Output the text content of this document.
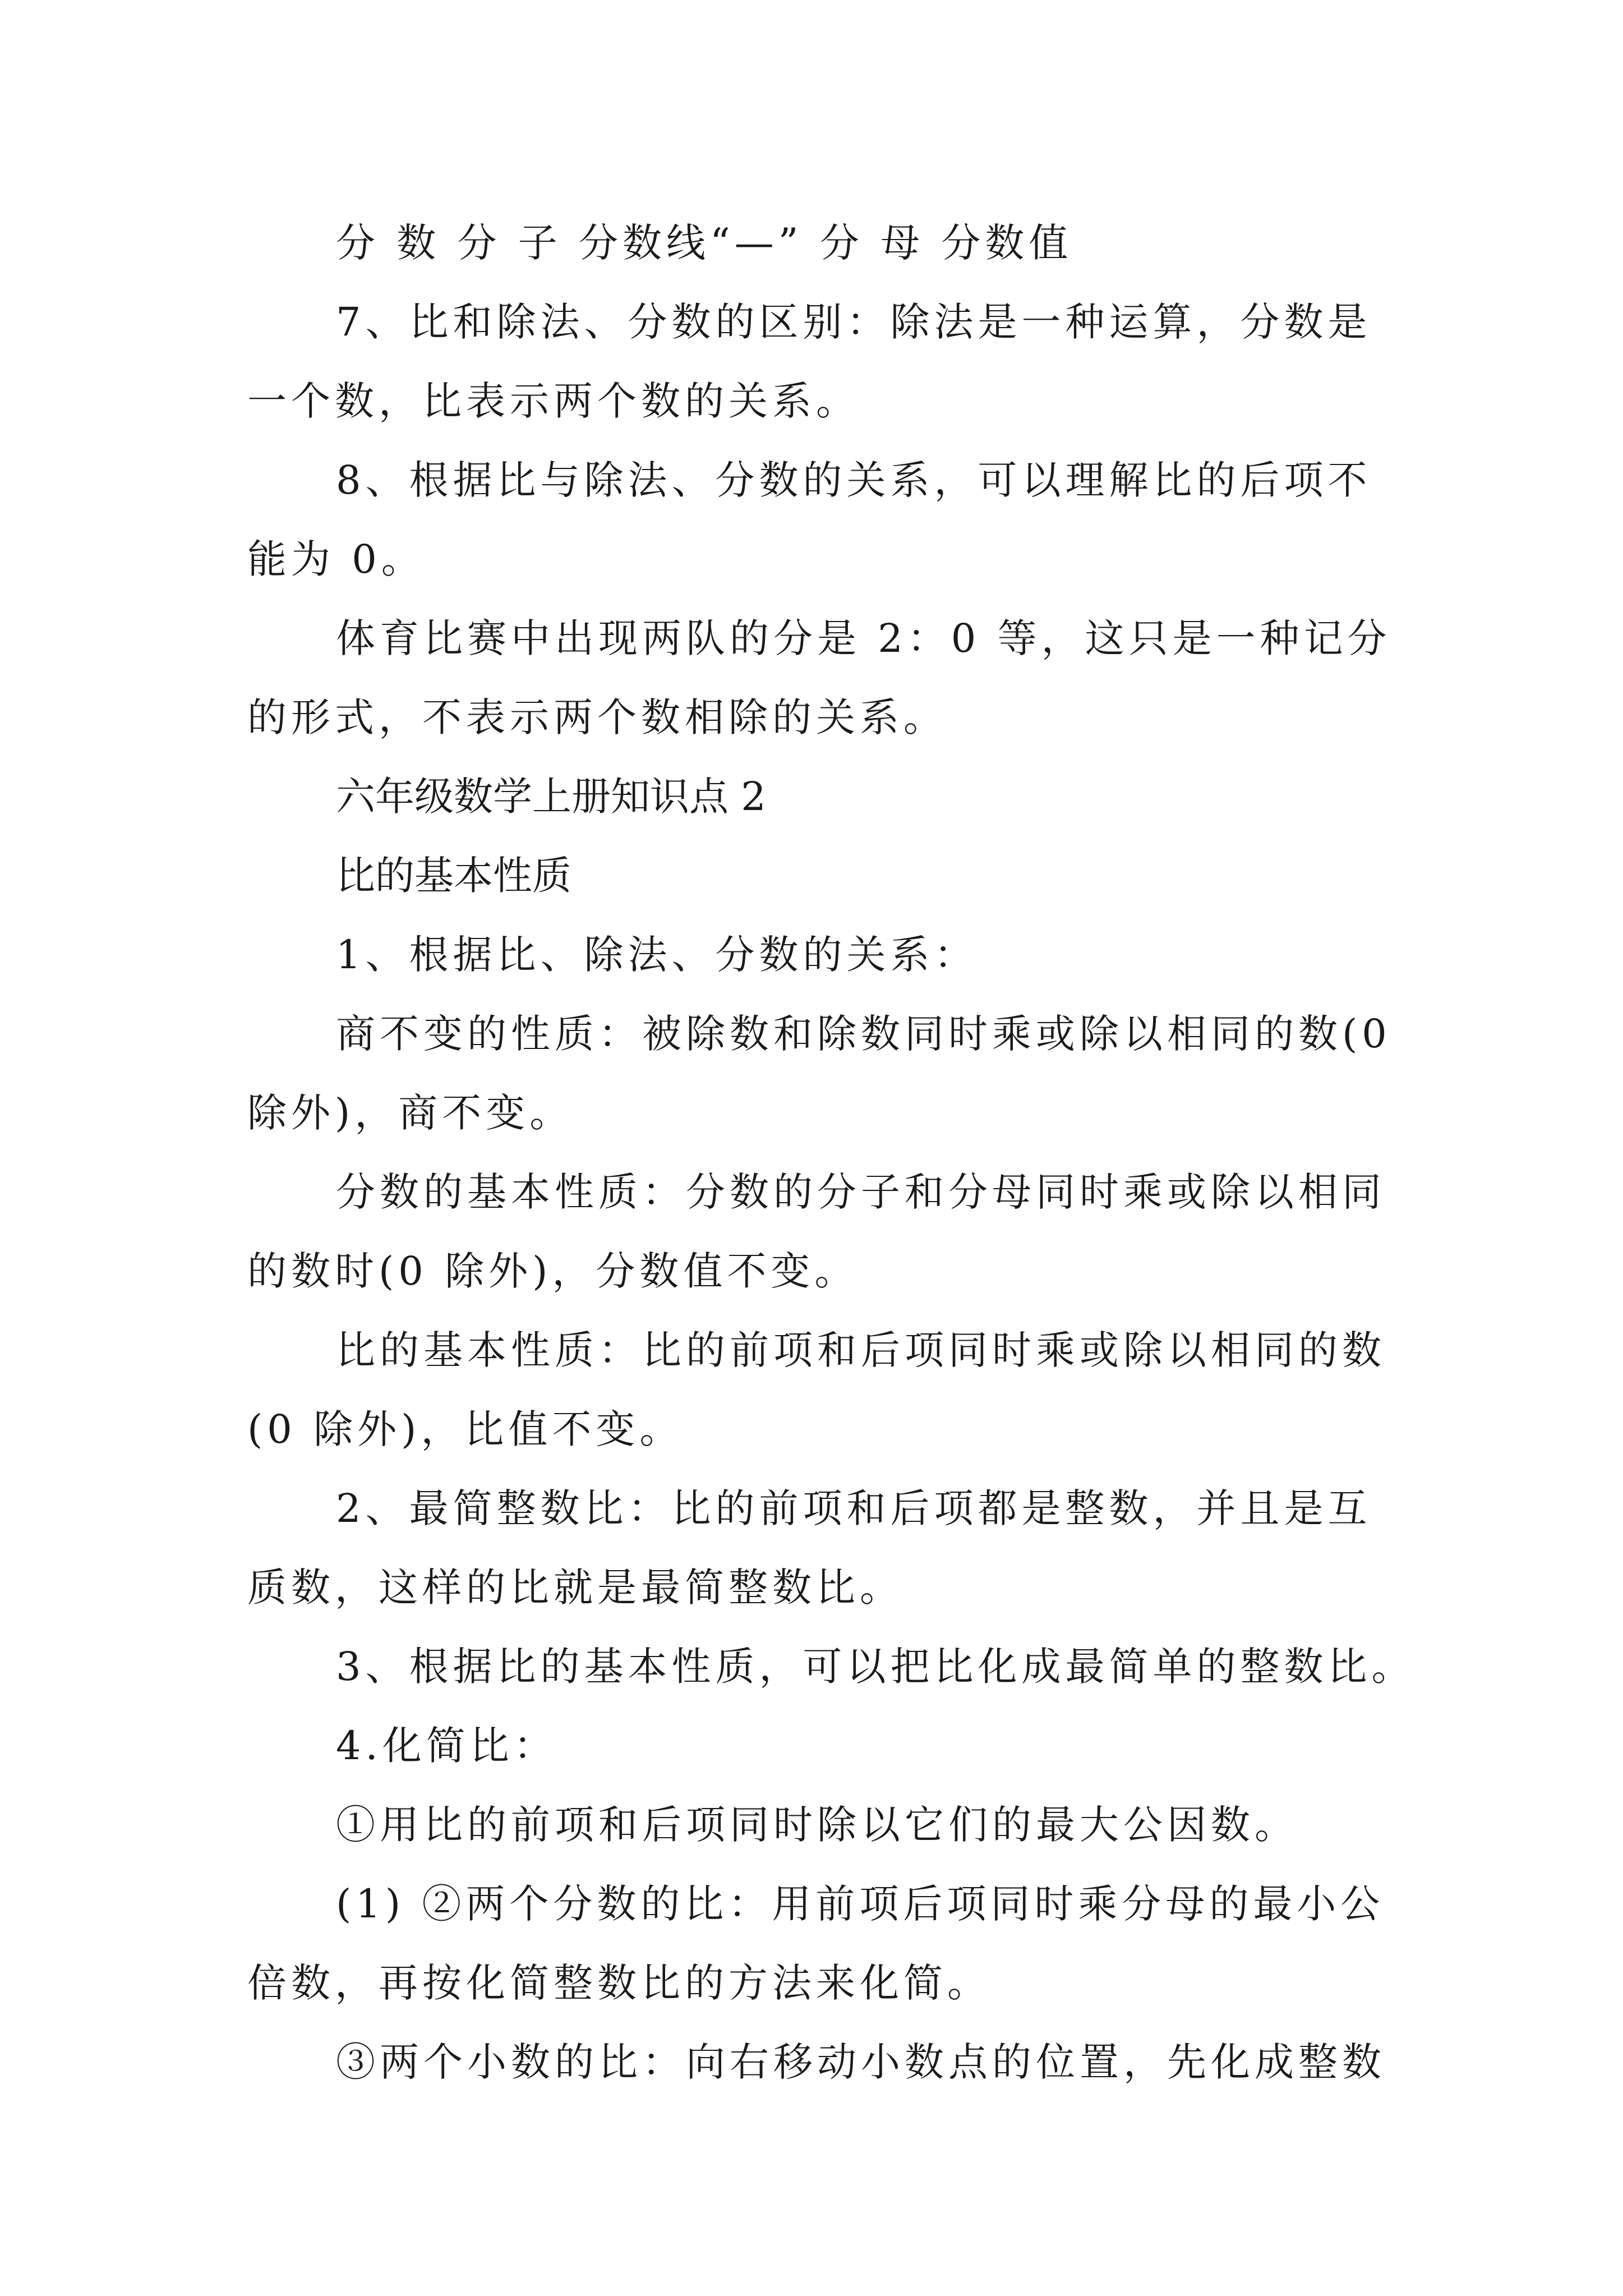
分 数 分 子 分数线“—” 分 母 分数值
7、比和除法、分数的区别：除法是一种运算，分数是
一个数，比表示两个数的关系。
8、根据比与除法、分数的关系，可以理解比的后项不
能为 0。
体育比赛中出现两队的分是 2：0 等，这只是一种记分
的形式，不表示两个数相除的关系。
六年级数学上册知识点 2
比的基本性质
1、根据比、除法、分数的关系：
商不变的性质：被除数和除数同时乘或除以相同的数(0
除外)，商不变。
分数的基本性质：分数的分子和分母同时乘或除以相同
的数时(0 除外)，分数值不变。
比的基本性质：比的前项和后项同时乘或除以相同的数
(0 除外)，比值不变。
2、最简整数比：比的前项和后项都是整数，并且是互
质数，这样的比就是最简整数比。
3、根据比的基本性质，可以把比化成最简单的整数比。
4.化简比：
①用比的前项和后项同时除以它们的最大公因数。
(1) ②两个分数的比：用前项后项同时乘分母的最小公
倍数，再按化简整数比的方法来化简。
③两个小数的比：向右移动小数点的位置，先化成整数
